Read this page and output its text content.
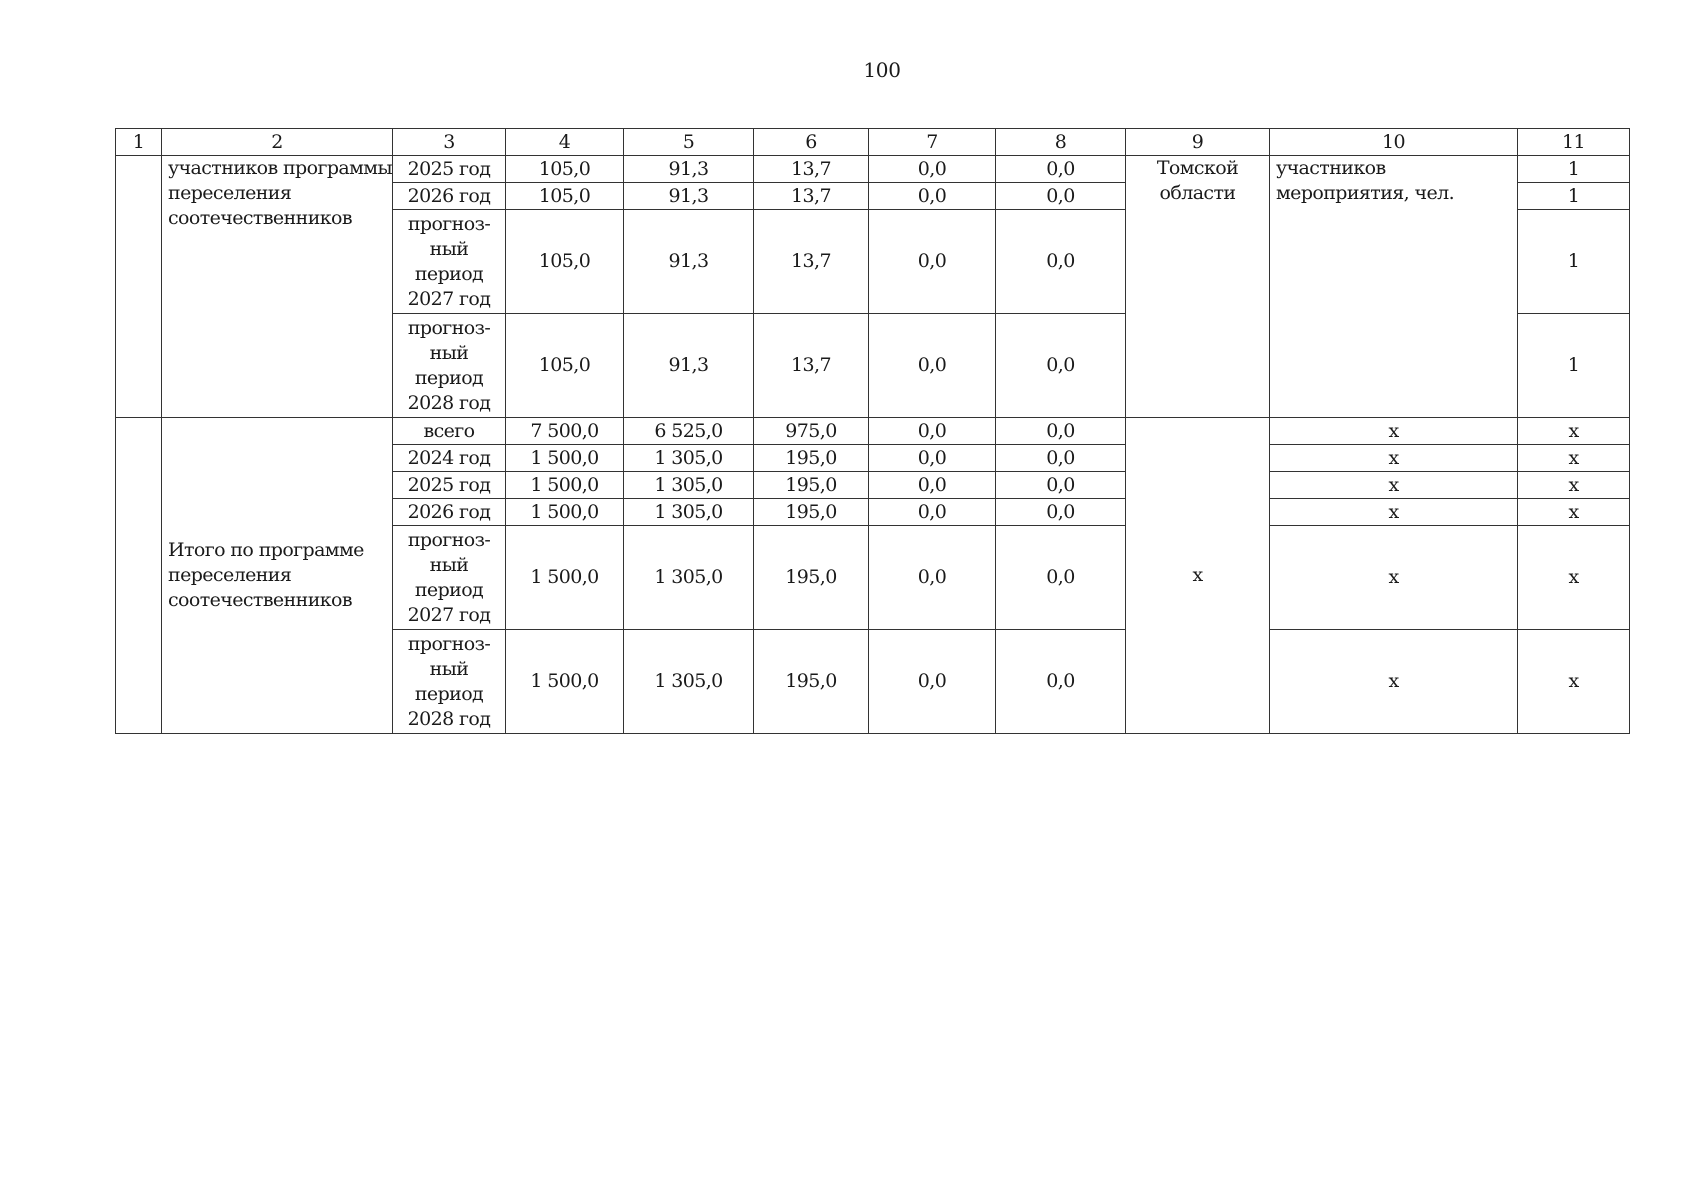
100
1	2	3	4	5	6	7	8	9	10	11
	участников программы переселения соотечественников	2025 год	105,0	91,3	13,7	0,0	0,0	Томской области	участников мероприятия, чел.	1
		2026 год	105,0	91,3	13,7	0,0	0,0			1
		прогноз-
ный
период
2027 год	105,0	91,3	13,7	0,0	0,0			1
		прогноз-
ный
период
2028 год	105,0	91,3	13,7	0,0	0,0			1
	Итого по программе переселения соотечественников	всего	7 500,0	6 525,0	975,0	0,0	0,0	х	х	х
		2024 год	1 500,0	1 305,0	195,0	0,0	0,0		х	х
		2025 год	1 500,0	1 305,0	195,0	0,0	0,0		х	х
		2026 год	1 500,0	1 305,0	195,0	0,0	0,0		х	х
		прогноз-
ный
период
2027 год	1 500,0	1 305,0	195,0	0,0	0,0		х	х
		прогноз-
ный
период
2028 год	1 500,0	1 305,0	195,0	0,0	0,0		х	х
